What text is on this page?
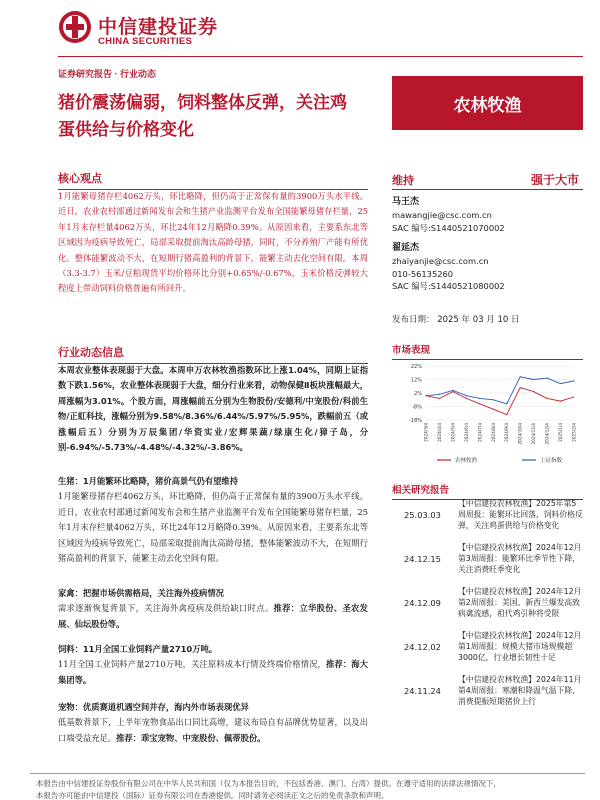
中信建投证券
CHINA SECURITIES
证券研究报告 · 行业动态
猪价震荡偏弱，饲料整体反弹，关注鸡蛋供给与价格变化
农林牧渔
核心观点
1月能繁母猪存栏4062万头，环比略降，但仍高于正常保有量的3900万头水平线。近日，农业农村部通过新闻发布会和生猪产业监测平台发布全国能繁母猪存栏量，25年1月末存栏量4062万头，环比24年12月略降0.39%。从原因来看，主要系东北等区域因为疫病导致死亡，局部采取提前淘汰高龄母猪，同时，不分养殖厂产能有所优化。整体能繁波动不大，在短期行猪高盈利的背景下，能繁主动去化空间有限。本周（3.3-3.7）玉米/豆粕现货平均价格环比分别+0.65%/-0.67%，玉米价格反弹较大程度上带动饲料价格普遍有所回升。
行业动态信息
本周农业整体表现弱于大盘。本周申万农林牧渔指数环比上涨1.04%，同期上证指数下跌1.56%，农业整体表现弱于大盘，细分行业来看，动物保健Ⅱ板块涨幅最大，周涨幅为3.01%。个股方面，周涨幅前五分别为生物股份/安德利/中宠股份/科前生物/正虹科技，涨幅分别为9.58%/8.36%/6.44%/5.97%/5.95%，跌幅前五（或涨幅后五）分别为万辰集团/华资实业/宏辉果蔬/绿康生化/獐子岛，分别-6.94%/-5.73%/-4.48%/-4.32%/-3.86%。
生猪：1月能繁环比略降，猪价高景气仍有望维持
1月能繁母猪存栏4062万头，环比略降，但仍高于正常保有量的3900万头水平线。近日，农业农村部通过新闻发布会和生猪产业监测平台发布全国能繁母猪存栏量，25年1月末存栏量4062万头，环比24年12月略降0.39%。从原因来看，主要系东北等区域因为疫病导致死亡，局部采取提前淘汰高龄母猪，整体能繁波动不大，在短期行猪高盈利的背景下，能繁主动去化空间有限。
家禽：把握市场供需格局，关注海外疫病情况
需求逐渐恢复背景下，关注海外禽疫病及供给缺口时点。推荐：立华股份、圣农发展、仙坛股份等。
饲料：11月全国工业饲料产量2710万吨。
11月全国工业饲料产量2710万吨，关注原料成本行情及终端价格情况，推荐：海大集团等。
宠物：优质赛道机遇空间并存，海内外市场表现优异
低基数背景下，上半年宠物食品出口同比高增，建议布局自有品牌优势显著，以及出口端受益充足。推荐：乖宝宠物、中宠股份、佩蒂股份。
维持	强于大市
马王杰
mawangjie@csc.com.cn
SAC 编号:S1440521070002
翟延杰
zhaiyanjie@csc.com.cn
010-56135260
SAC 编号:S1440521080002
发布日期： 2025 年 03 月 10 日
市场表现
22%
12%
2%
-8%
-18%
2024/3/4 2024/4/4 2024/5/4 2024/6/4 2024/7/4 2024/8/4 2024/9/4 2024/10/4 2024/11/4 2024/12/4 2025/1/4 2025/2/4
农林牧渔	上证指数
相关研究报告
25.03.03
【中信建投农林牧渔】2025年第5周周报：能繁环比回落，饲料价格反弹，关注鸡蛋供给与价格变化
24.12.15
【中信建投农林牧渔】2024年12月第3周周报：能繁环比季节性下降，关注消费旺季变化
24.12.09
【中信建投农林牧渔】2024年12月第2周周报：美国、新西兰爆发高致病禽流感，祖代鸡引种将受限
24.12.02
【中信建投农林牧渔】2024年12月第1周周报：规模大猪市场规模超3000亿，行业增长韧性十足
24.11.24
【中信建投农林牧渔】2024年11月第4周周报：寒潮和降温气温下降，消费提振短期猪价上行
本报告由中信建投证券股份有限公司在中华人民共和国（仅为本报告目的，不包括香港、澳门、台湾）提供。在遵守适用的法律法规情况下，
本报告亦可能由中信建投（国际）证券有限公司在香港提供。同时请务必阅读正文之后的免责条款和声明。
